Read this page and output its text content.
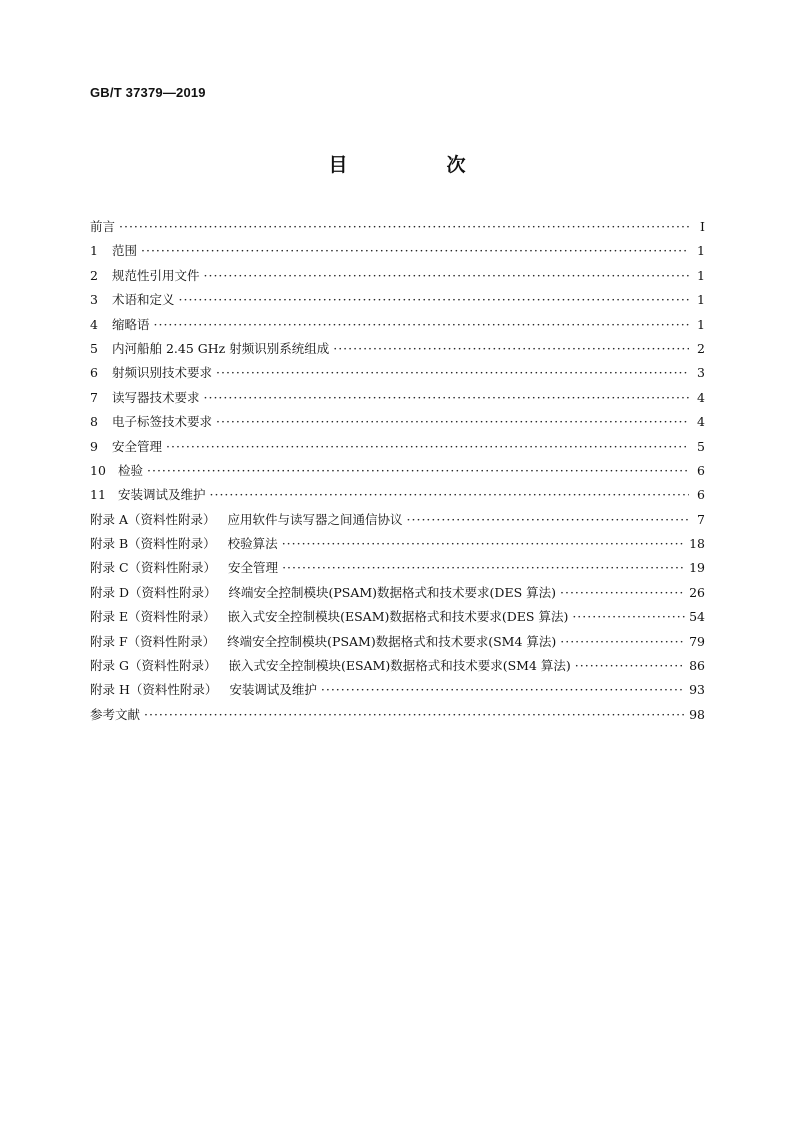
GB/T 37379—2019
目　次
前言 ·····	Ⅰ
1	范围 ·····	1
2	规范性引用文件 ·····	1
3	术语和定义 ·····	1
4	缩略语 ·····	1
5	内河船舶 2.45 GHz 射频识别系统组成 ·····	2
6	射频识别技术要求 ·····	3
7	读写器技术要求 ·····	4
8	电子标签技术要求 ·····	4
9	安全管理 ·····	5
10 检验 ·····	6
11 安装调试及维护 ·····	6
附录 A（资料性附录） 应用软件与读写器之间通信协议 ·····	7
附录 B（资料性附录） 校验算法 ·····	18
附录 C（资料性附录） 安全管理 ·····	19
附录 D（资料性附录） 终端安全控制模块(PSAM)数据格式和技术要求(DES 算法) ·····	26
附录 E（资料性附录） 嵌入式安全控制模块(ESAM)数据格式和技术要求(DES 算法) ·····	54
附录 F（资料性附录） 终端安全控制模块(PSAM)数据格式和技术要求(SM4 算法) ·····	79
附录 G（资料性附录） 嵌入式安全控制模块(ESAM)数据格式和技术要求(SM4 算法) ·····	86
附录 H（资料性附录） 安装调试及维护 ·····	93
参考文献 ·····	98
